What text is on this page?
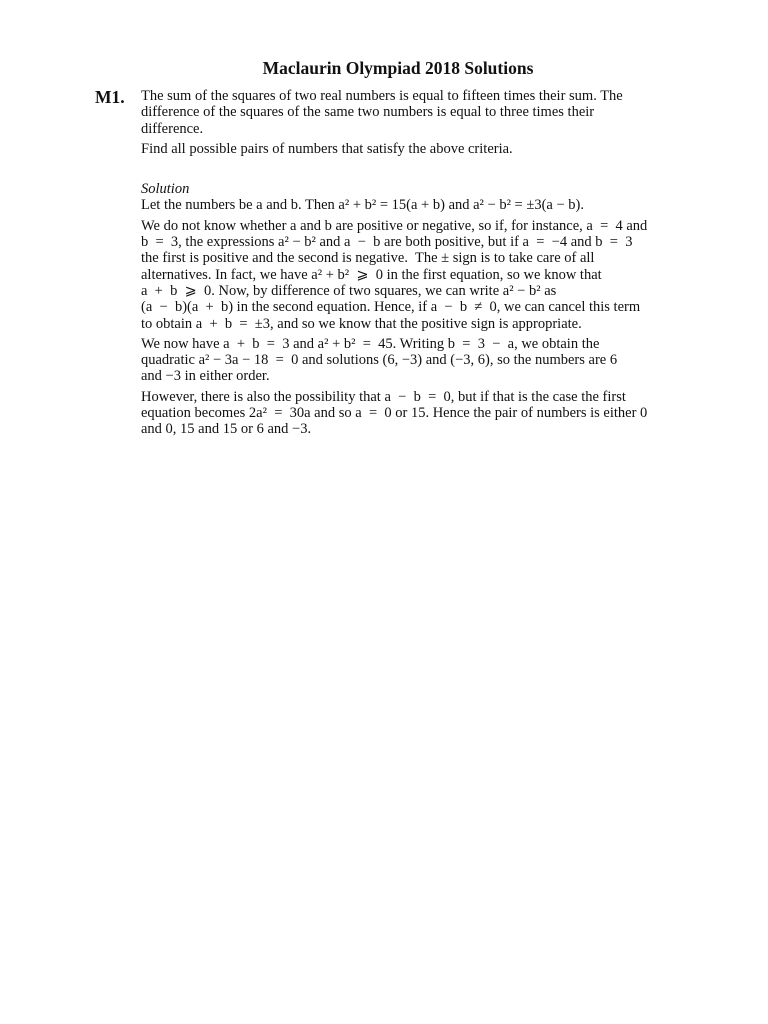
Maclaurin Olympiad 2018 Solutions
M1. The sum of the squares of two real numbers is equal to fifteen times their sum. The
difference of the squares of the same two numbers is equal to three times their
difference.
Find all possible pairs of numbers that satisfy the above criteria.
Solution
Let the numbers be a and b. Then a² + b² = 15(a + b) and a² − b² = ±3(a − b).
We do not know whether a and b are positive or negative, so if, for instance, a  =  4 and
b  =  3, the expressions a² − b² and a  −  b are both positive, but if a  =  −4 and b  =  3
the first is positive and the second is negative.  The ± sign is to take care of all
alternatives. In fact, we have a² + b²  ⩾  0 in the first equation, so we know that
a  +  b  ⩾  0. Now, by difference of two squares, we can write a² − b² as
(a  −  b)(a  +  b) in the second equation. Hence, if a  −  b  ≠  0, we can cancel this term
to obtain a  +  b  =  ±3, and so we know that the positive sign is appropriate.
We now have a  +  b  =  3 and a² + b²  =  45. Writing b  =  3  −  a, we obtain the
quadratic a² − 3a − 18  =  0 and solutions (6, −3) and (−3, 6), so the numbers are 6
and −3 in either order.
However, there is also the possibility that a  −  b  =  0, but if that is the case the first
equation becomes 2a²  =  30a and so a  =  0 or 15. Hence the pair of numbers is either 0
and 0, 15 and 15 or 6 and −3.
